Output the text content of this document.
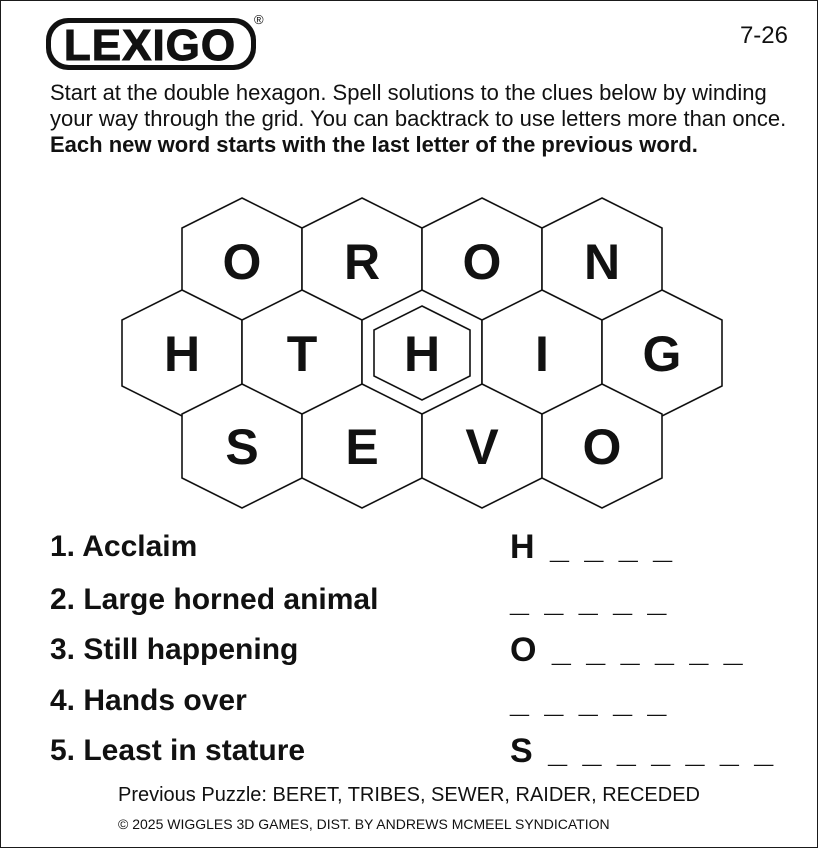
LEXIGO
®
7-26
Start at the double hexagon. Spell solutions to the clues below by winding your way through the grid. You can backtrack to use letters more than once. Each new word starts with the last letter of the previous word.
O R O N
H T H I G
S E V O
1. Acclaim	H _ _ _ _
2. Large horned animal	_ _ _ _ _
3. Still happening	O _ _ _ _ _ _
4. Hands over	_ _ _ _ _
5. Least in stature	S _ _ _ _ _ _ _
Previous Puzzle: BERET, TRIBES, SEWER, RAIDER, RECEDED
© 2025 WIGGLES 3D GAMES, DIST. BY ANDREWS MCMEEL SYNDICATION
